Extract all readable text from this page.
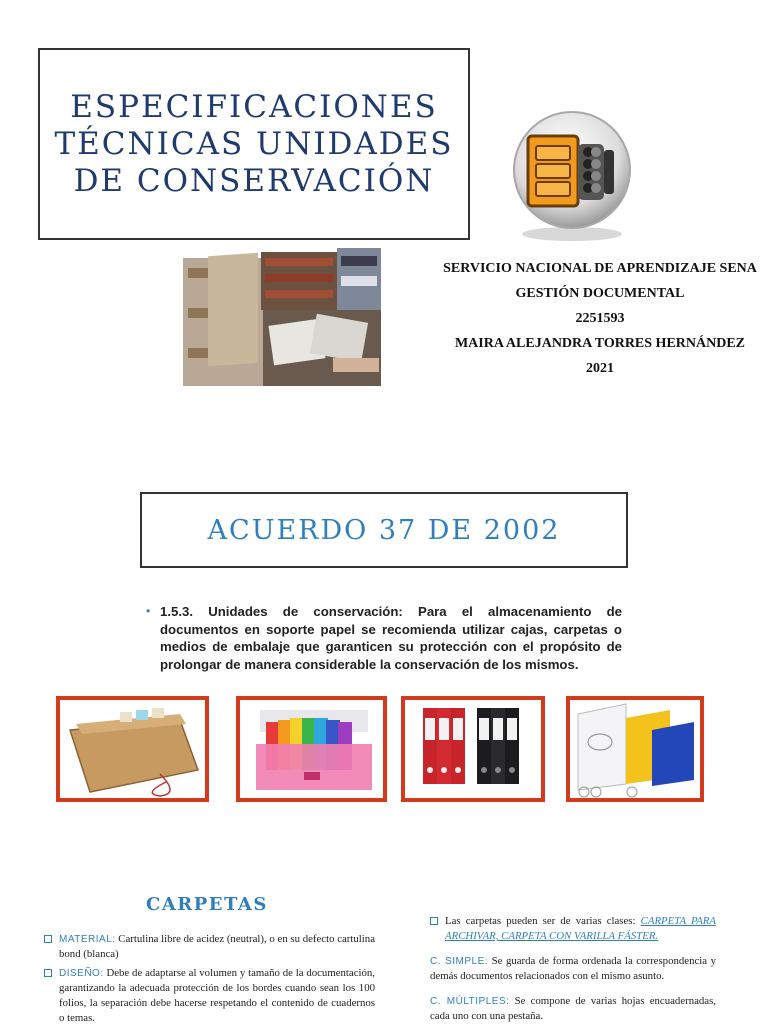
ESPECIFICACIONES
TÉCNICAS UNIDADES
DE CONSERVACIÓN
SERVICIO NACIONAL DE APRENDIZAJE SENA
GESTIÓN DOCUMENTAL
2251593
MAIRA ALEJANDRA TORRES HERNÁNDEZ
2021
ACUERDO 37 DE 2002
• 1.5.3. Unidades de conservación: Para el almacenamiento de documentos en soporte papel se recomienda utilizar cajas, carpetas o medios de embalaje que garanticen su protección con el propósito de prolongar de manera considerable la conservación de los mismos.
CARPETAS
MATERIAL: Cartulina libre de acidez (neutral), o en su defecto cartulina bond (blanca)
DISEÑO: Debe de adaptarse al volumen y tamaño de la documentación, garantizando la adecuada protección de los bordes cuando sean los 100 folios, la separación debe hacerse respetando el contenido de cuadernos o temas.
Las carpetas pueden ser de varias clases: CARPETA PARA ARCHIVAR, CARPETA CON VARILLA FÁSTER.
C. SIMPLE: Se guarda de forma ordenada la correspondencia y demás documentos relacionados con el mismo asunto.
C. MÚLTIPLES: Se compone de varias hojas encuadernadas, cada uno con una pestaña.
